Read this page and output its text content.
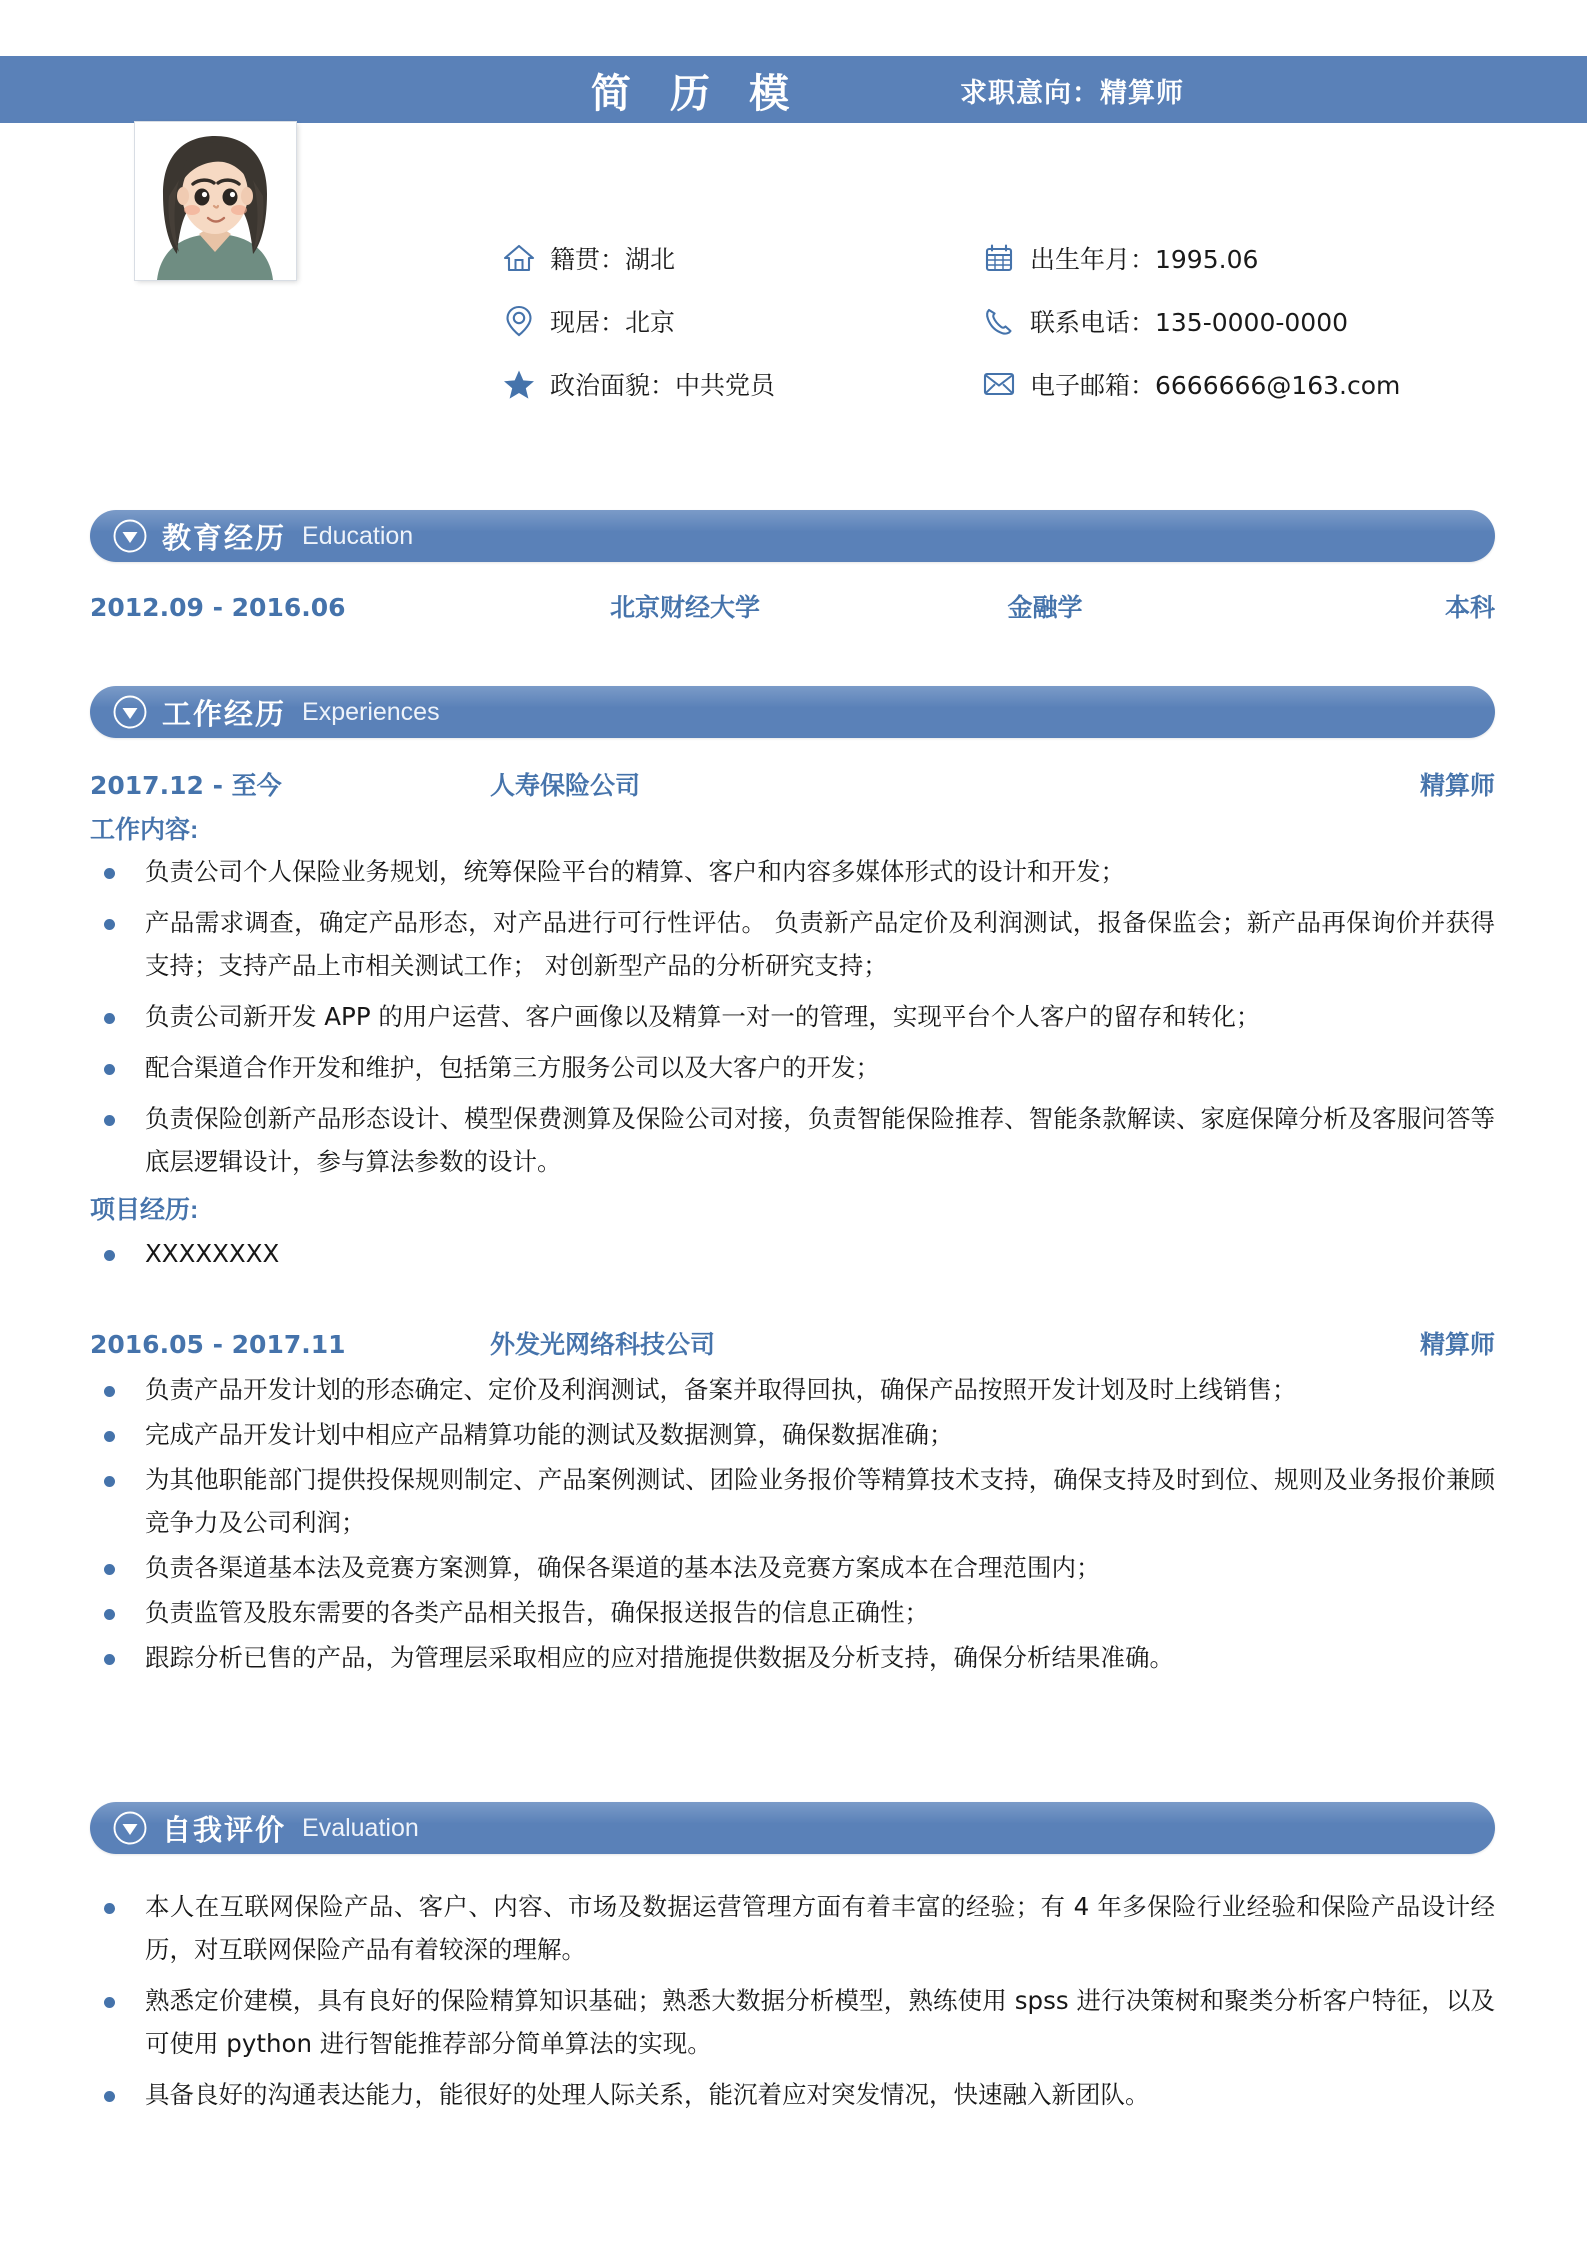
简 历 模	求职意向：精算师
籍贯：湖北	出生年月：1995.06
现居：北京	联系电话：135-0000-0000
政治面貌：中共党员	电子邮箱：6666666@163.com
教育经历 Education
2012.09 - 2016.06	北京财经大学	金融学	本科
工作经历 Experiences
2017.12 - 至今	人寿保险公司	精算师
工作内容:
负责公司个人保险业务规划，统筹保险平台的精算、客户和内容多媒体形式的设计和开发；
产品需求调查，确定产品形态，对产品进行可行性评估。 负责新产品定价及利润测试，报备保监会；新产品再保询价并获得支持；支持产品上市相关测试工作； 对创新型产品的分析研究支持；
负责公司新开发 APP 的用户运营、客户画像以及精算一对一的管理，实现平台个人客户的留存和转化；
配合渠道合作开发和维护，包括第三方服务公司以及大客户的开发；
负责保险创新产品形态设计、模型保费测算及保险公司对接，负责智能保险推荐、智能条款解读、家庭保障分析及客服问答等底层逻辑设计，参与算法参数的设计。
项目经历:
XXXXXXXX
2016.05 - 2017.11	外发光网络科技公司	精算师
负责产品开发计划的形态确定、定价及利润测试，备案并取得回执，确保产品按照开发计划及时上线销售；
完成产品开发计划中相应产品精算功能的测试及数据测算，确保数据准确；
为其他职能部门提供投保规则制定、产品案例测试、团险业务报价等精算技术支持，确保支持及时到位、规则及业务报价兼顾竞争力及公司利润；
负责各渠道基本法及竞赛方案测算，确保各渠道的基本法及竞赛方案成本在合理范围内；
负责监管及股东需要的各类产品相关报告，确保报送报告的信息正确性；
跟踪分析已售的产品，为管理层采取相应的应对措施提供数据及分析支持，确保分析结果准确。
自我评价 Evaluation
本人在互联网保险产品、客户、内容、市场及数据运营管理方面有着丰富的经验；有 4 年多保险行业经验和保险产品设计经历，对互联网保险产品有着较深的理解。
熟悉定价建模，具有良好的保险精算知识基础；熟悉大数据分析模型，熟练使用 spss 进行决策树和聚类分析客户特征，以及可使用 python 进行智能推荐部分简单算法的实现。
具备良好的沟通表达能力，能很好的处理人际关系，能沉着应对突发情况，快速融入新团队。
